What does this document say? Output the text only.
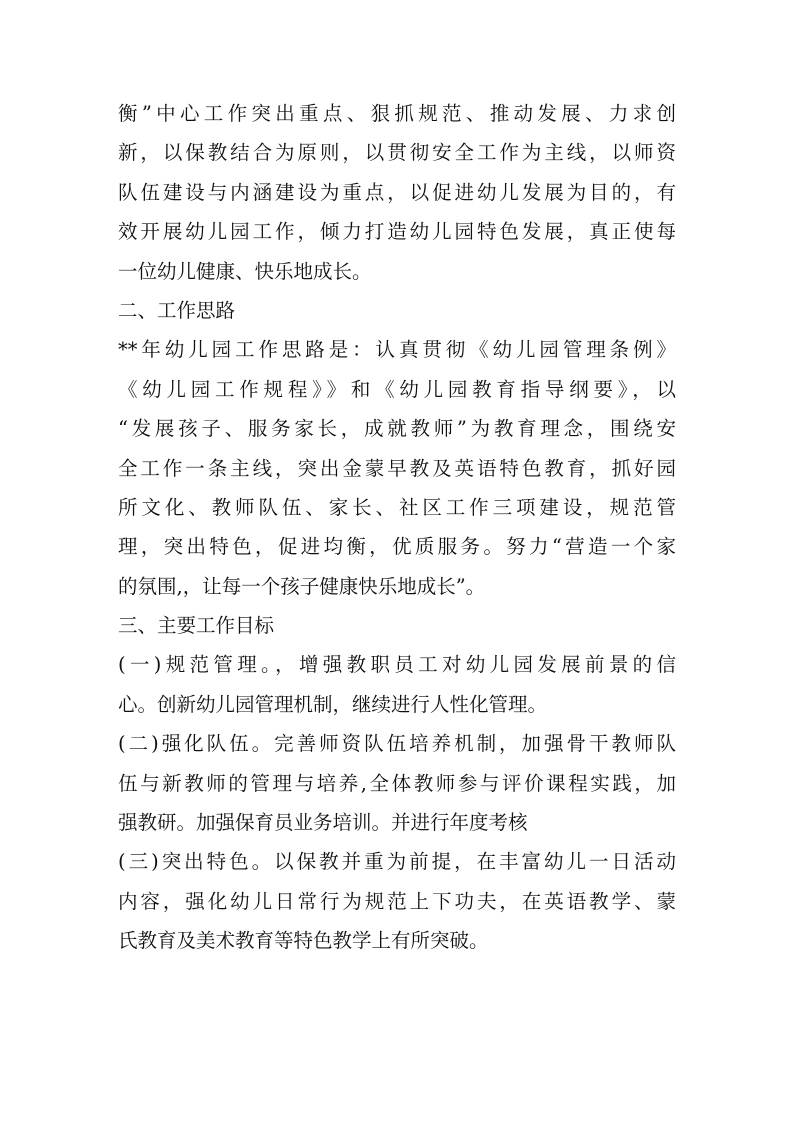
衡”中心工作突出重点、狠抓规范、推动发展、力求创
新，以保教结合为原则，以贯彻安全工作为主线，以师资
队伍建设与内涵建设为重点，以促进幼儿发展为目的，有
效开展幼儿园工作，倾力打造幼儿园特色发展，真正使每
一位幼儿健康、快乐地成长。
二、工作思路
**年幼儿园工作思路是：认真贯彻《幼儿园管理条例》
《幼儿园工作规程》》和《幼儿园教育指导纲要》，以
“发展孩子、服务家长，成就教师”为教育理念，围绕安
全工作一条主线，突出金蒙早教及英语特色教育，抓好园
所文化、教师队伍、家长、社区工作三项建设，规范管
理，突出特色，促进均衡，优质服务。努力“营造一个家
的氛围,，让每一个孩子健康快乐地成长”。
三、主要工作目标
(一)规范管理。，增强教职员工对幼儿园发展前景的信
心。创新幼儿园管理机制，继续进行人性化管理。
(二)强化队伍。完善师资队伍培养机制，加强骨干教师队
伍与新教师的管理与培养,全体教师参与评价课程实践，加
强教研。加强保育员业务培训。并进行年度考核
(三)突出特色。以保教并重为前提，在丰富幼儿一日活动
内容，强化幼儿日常行为规范上下功夫，在英语教学、蒙
氏教育及美术教育等特色教学上有所突破。
